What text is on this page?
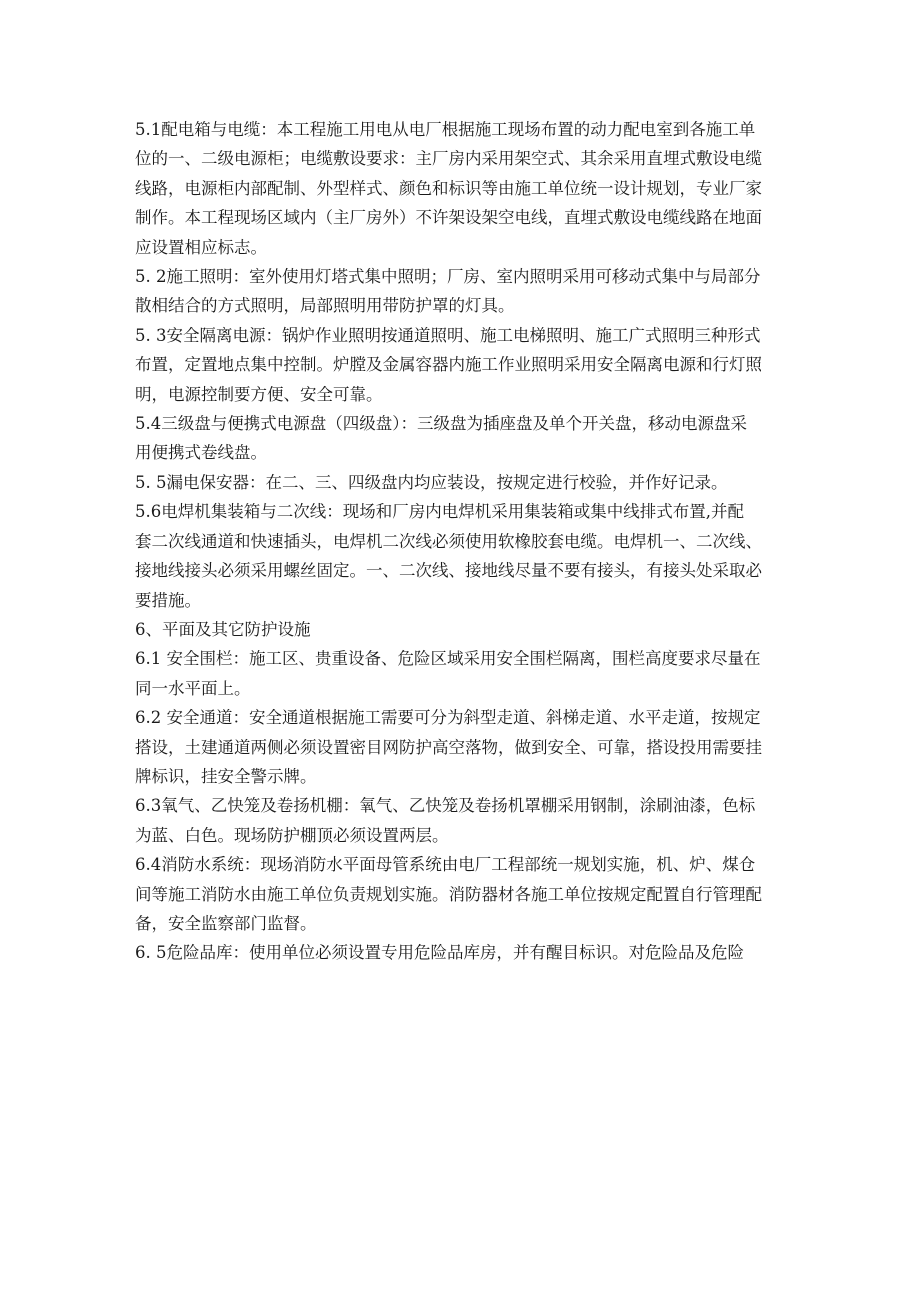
5.1配电箱与电缆：本工程施工用电从电厂根据施工现场布置的动力配电室到各施工单
位的一、二级电源柜；电缆敷设要求：主厂房内采用架空式、其余采用直埋式敷设电缆
线路，电源柜内部配制、外型样式、颜色和标识等由施工单位统一设计规划，专业厂家
制作。本工程现场区域内（主厂房外）不许架设架空电线，直埋式敷设电缆线路在地面
应设置相应标志。

5. 2施工照明：室外使用灯塔式集中照明；厂房、室内照明采用可移动式集中与局部分
散相结合的方式照明，局部照明用带防护罩的灯具。

5. 3安全隔离电源：锅炉作业照明按通道照明、施工电梯照明、施工广式照明三种形式
布置，定置地点集中控制。炉膛及金属容器内施工作业照明采用安全隔离电源和行灯照
明，电源控制要方便、安全可靠。

5.4三级盘与便携式电源盘（四级盘）：三级盘为插座盘及单个开关盘，移动电源盘采
用便携式卷线盘。

5. 5漏电保安器：在二、三、四级盘内均应装设，按规定进行校验，并作好记录。

5.6电焊机集装箱与二次线：现场和厂房内电焊机采用集装箱或集中线排式布置,并配
套二次线通道和快速插头，电焊机二次线必须使用软橡胶套电缆。电焊机一、二次线、
接地线接头必须采用螺丝固定。一、二次线、接地线尽量不要有接头，有接头处采取必
要措施。

6、平面及其它防护设施

6.1 安全围栏：施工区、贵重设备、危险区域采用安全围栏隔离，围栏高度要求尽量在
同一水平面上。

6.2 安全通道：安全通道根据施工需要可分为斜型走道、斜梯走道、水平走道，按规定
搭设，土建通道两侧必须设置密目网防护高空落物，做到安全、可靠，搭设投用需要挂
牌标识，挂安全警示牌。

6.3氧气、乙快笼及卷扬机棚：氧气、乙快笼及卷扬机罩棚采用钢制，涂刷油漆，色标
为蓝、白色。现场防护棚顶必须设置两层。

6.4消防水系统：现场消防水平面母管系统由电厂工程部统一规划实施，机、炉、煤仓
间等施工消防水由施工单位负责规划实施。消防器材各施工单位按规定配置自行管理配
备，安全监察部门监督。

6. 5危险品库：使用单位必须设置专用危险品库房，并有醒目标识。对危险品及危险
